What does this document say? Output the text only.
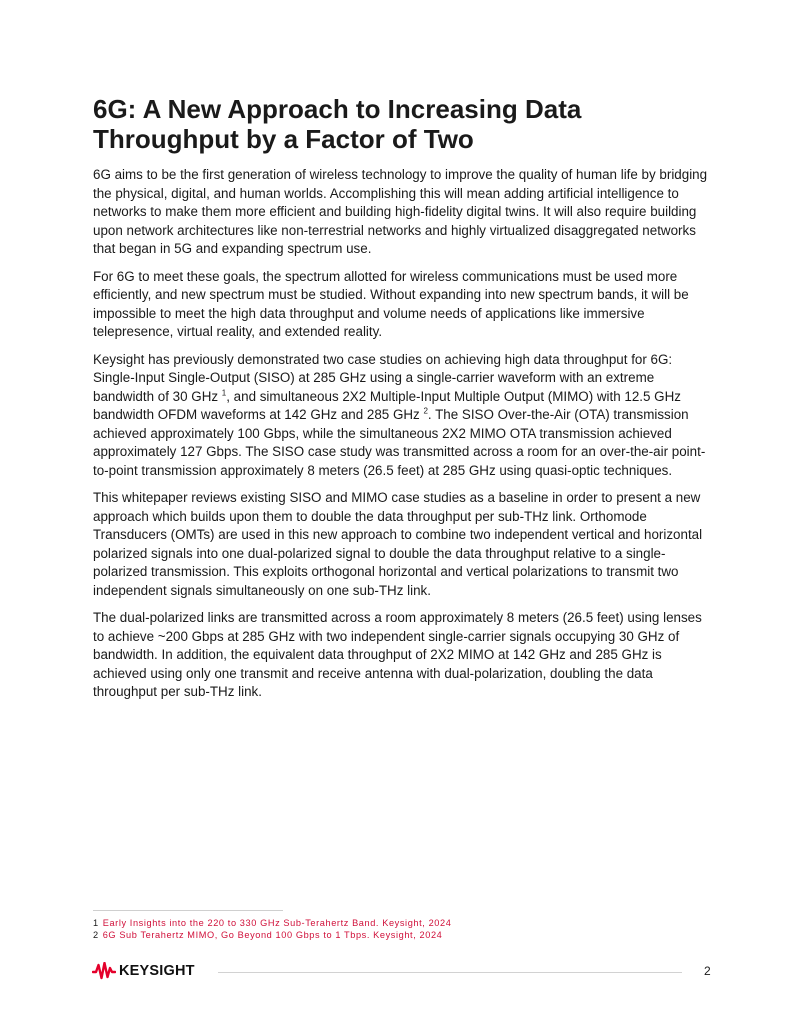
6G: A New Approach to Increasing Data Throughput by a Factor of Two

6G aims to be the first generation of wireless technology to improve the quality of human life by bridging the physical, digital, and human worlds. Accomplishing this will mean adding artificial intelligence to networks to make them more efficient and building high-fidelity digital twins. It will also require building upon network architectures like non-terrestrial networks and highly virtualized disaggregated networks that began in 5G and expanding spectrum use.

For 6G to meet these goals, the spectrum allotted for wireless communications must be used more efficiently, and new spectrum must be studied. Without expanding into new spectrum bands, it will be impossible to meet the high data throughput and volume needs of applications like immersive telepresence, virtual reality, and extended reality.

Keysight has previously demonstrated two case studies on achieving high data throughput for 6G: Single-Input Single-Output (SISO) at 285 GHz using a single-carrier waveform with an extreme bandwidth of 30 GHz $^1$, and simultaneous 2X2 Multiple-Input Multiple Output (MIMO) with 12.5 GHz bandwidth OFDM waveforms at 142 GHz and 285 GHz $^2$. The SISO Over-the-Air (OTA) transmission achieved approximately 100 Gbps, while the simultaneous 2X2 MIMO OTA transmission achieved approximately 127 Gbps. The SISO case study was transmitted across a room for an over-the-air point-to-point transmission approximately 8 meters (26.5 feet) at 285 GHz using quasi-optic techniques.

This whitepaper reviews existing SISO and MIMO case studies as a baseline in order to present a new approach which builds upon them to double the data throughput per sub-THz link. Orthomode Transducers (OMTs) are used in this new approach to combine two independent vertical and horizontal polarized signals into one dual-polarized signal to double the data throughput relative to a single-polarized transmission. This exploits orthogonal horizontal and vertical polarizations to transmit two independent signals simultaneously on one sub-THz link.

The dual-polarized links are transmitted across a room approximately 8 meters (26.5 feet) using lenses to achieve ~200 Gbps at 285 GHz with two independent single-carrier signals occupying 30 GHz of bandwidth. In addition, the equivalent data throughput of 2X2 MIMO at 142 GHz and 285 GHz is achieved using only one transmit and receive antenna with dual-polarization, doubling the data throughput per sub-THz link.

1 Early Insights into the 220 to 330 GHz Sub-Terahertz Band. Keysight, 2024
2 6G Sub Terahertz MIMO, Go Beyond 100 Gbps to 1 Tbps. Keysight, 2024
KEYSIGHT	2
